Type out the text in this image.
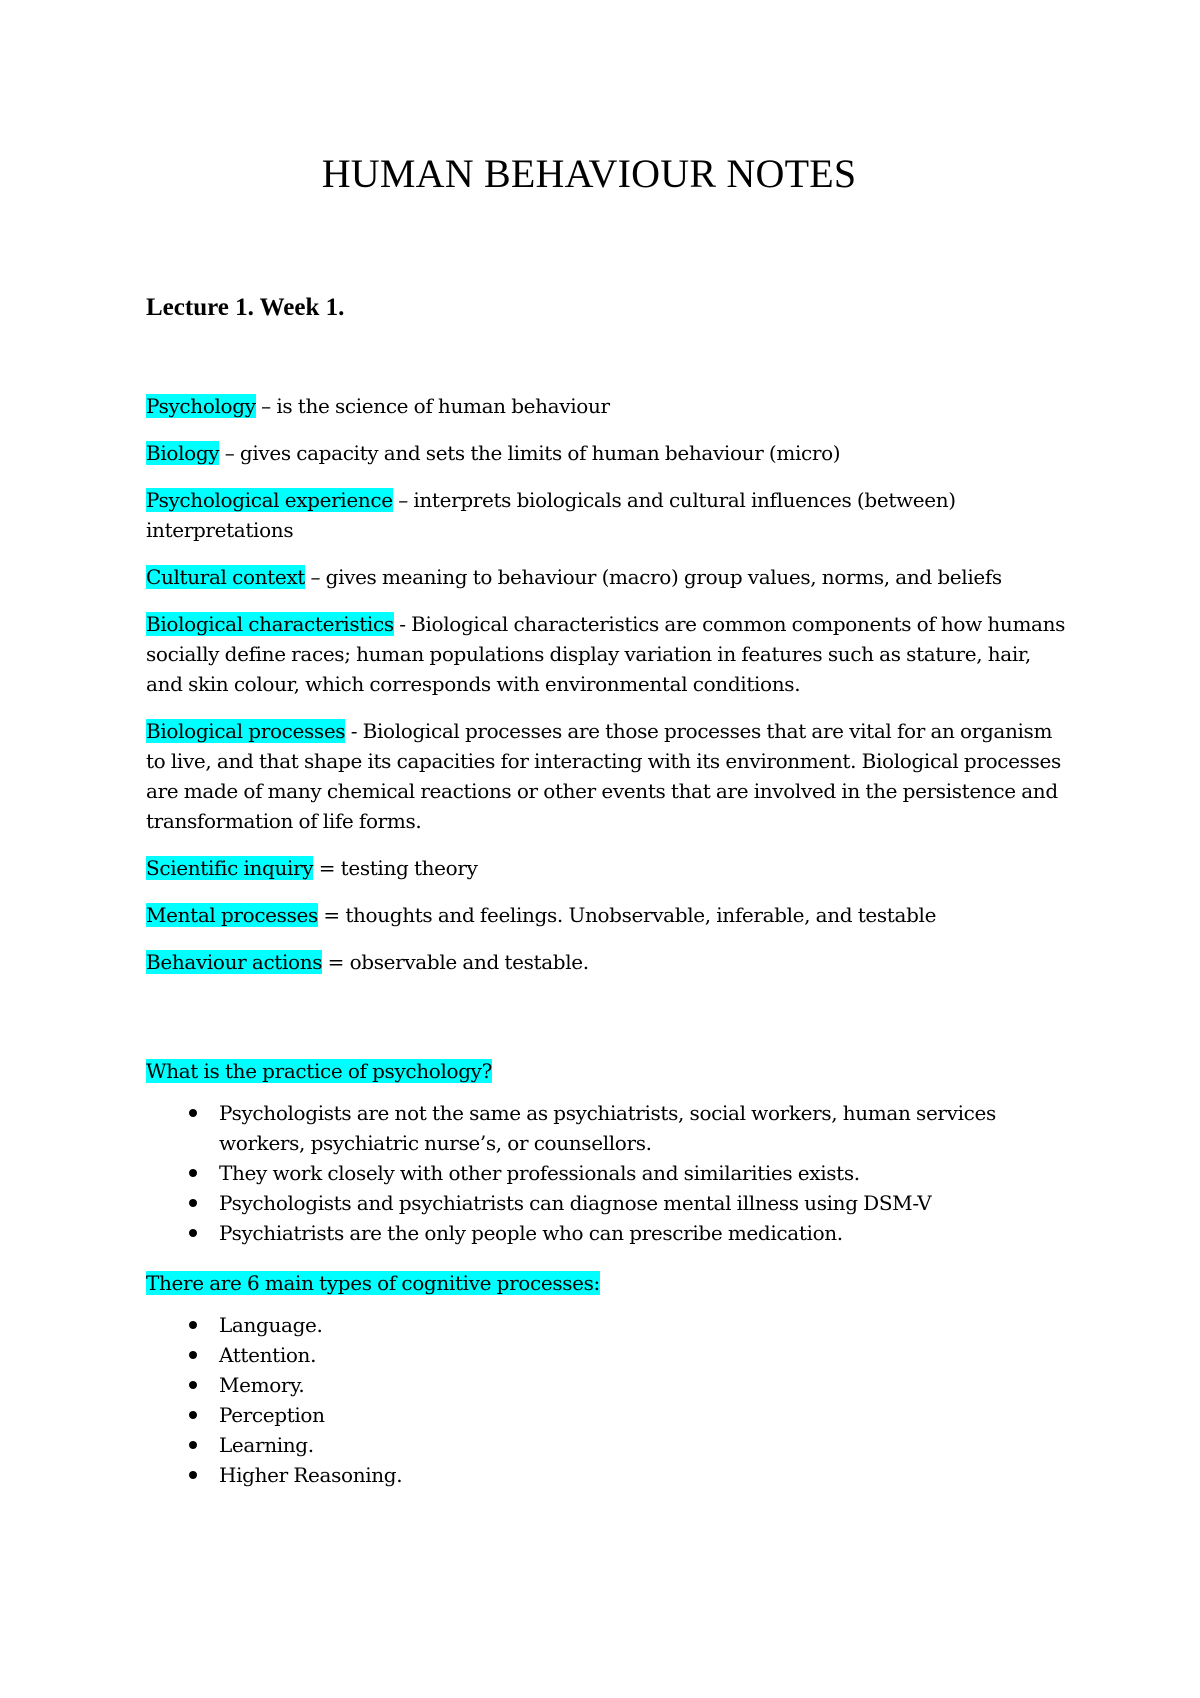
HUMAN BEHAVIOUR NOTES
Lecture 1. Week 1.

Psychology – is the science of human behaviour

Biology – gives capacity and sets the limits of human behaviour (micro)

Psychological experience – interprets biologicals and cultural influences (between) interpretations

Cultural context – gives meaning to behaviour (macro) group values, norms, and beliefs

Biological characteristics - Biological characteristics are common components of how humans socially define races; human populations display variation in features such as stature, hair, and skin colour, which corresponds with environmental conditions.

Biological processes - Biological processes are those processes that are vital for an organism to live, and that shape its capacities for interacting with its environment. Biological processes are made of many chemical reactions or other events that are involved in the persistence and transformation of life forms.

Scientific inquiry = testing theory

Mental processes = thoughts and feelings. Unobservable, inferable, and testable

Behaviour actions = observable and testable.

What is the practice of psychology?

Psychologists are not the same as psychiatrists, social workers, human services workers, psychiatric nurse’s, or counsellors.
They work closely with other professionals and similarities exists.
Psychologists and psychiatrists can diagnose mental illness using DSM-V
Psychiatrists are the only people who can prescribe medication.

There are 6 main types of cognitive processes:

Language.
Attention.
Memory.
Perception
Learning.
Higher Reasoning.
